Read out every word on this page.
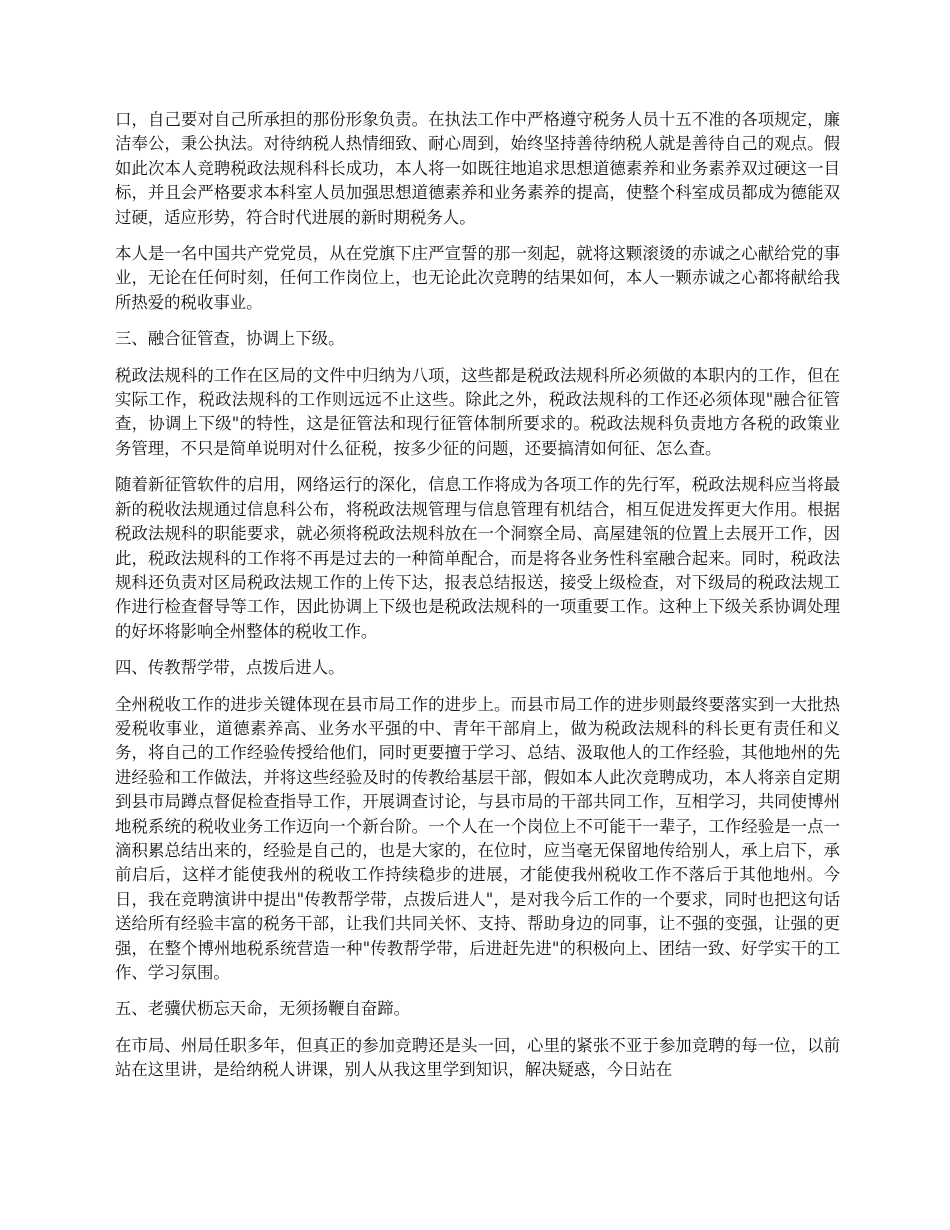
口，自己要对自己所承担的那份形象负责。在执法工作中严格遵守税务人员十五不准的各项规定，廉洁奉公，秉公执法。对待纳税人热情细致、耐心周到，始终坚持善待纳税人就是善待自己的观点。假如此次本人竞聘税政法规科科长成功，本人将一如既往地追求思想道德素养和业务素养双过硬这一目标，并且会严格要求本科室人员加强思想道德素养和业务素养的提高，使整个科室成员都成为德能双过硬，适应形势，符合时代进展的新时期税务人。

本人是一名中国共产党党员，从在党旗下庄严宣誓的那一刻起，就将这颗滚烫的赤诚之心献给党的事业，无论在任何时刻，任何工作岗位上，也无论此次竞聘的结果如何，本人一颗赤诚之心都将献给我所热爱的税收事业。

三、融合征管查，协调上下级。

税政法规科的工作在区局的文件中归纳为八项，这些都是税政法规科所必须做的本职内的工作，但在实际工作，税政法规科的工作则远远不止这些。除此之外，税政法规科的工作还必须体现"融合征管查，协调上下级"的特性，这是征管法和现行征管体制所要求的。税政法规科负责地方各税的政策业务管理，不只是简单说明对什么征税，按多少征的问题，还要搞清如何征、怎么查。

随着新征管软件的启用，网络运行的深化，信息工作将成为各项工作的先行军，税政法规科应当将最新的税收法规通过信息科公布，将税政法规管理与信息管理有机结合，相互促进发挥更大作用。根据税政法规科的职能要求，就必须将税政法规科放在一个洞察全局、高屋建瓴的位置上去展开工作，因此，税政法规科的工作将不再是过去的一种简单配合，而是将各业务性科室融合起来。同时，税政法规科还负责对区局税政法规工作的上传下达，报表总结报送，接受上级检查，对下级局的税政法规工作进行检查督导等工作，因此协调上下级也是税政法规科的一项重要工作。这种上下级关系协调处理的好坏将影响全州整体的税收工作。

四、传教帮学带，点拨后进人。

全州税收工作的进步关键体现在县市局工作的进步上。而县市局工作的进步则最终要落实到一大批热爱税收事业，道德素养高、业务水平强的中、青年干部肩上，做为税政法规科的科长更有责任和义务，将自己的工作经验传授给他们，同时更要擅于学习、总结、汲取他人的工作经验，其他地州的先进经验和工作做法，并将这些经验及时的传教给基层干部，假如本人此次竞聘成功，本人将亲自定期到县市局蹲点督促检查指导工作，开展调查讨论，与县市局的干部共同工作，互相学习，共同使博州地税系统的税收业务工作迈向一个新台阶。一个人在一个岗位上不可能干一辈子，工作经验是一点一滴积累总结出来的，经验是自己的，也是大家的，在位时，应当毫无保留地传给别人，承上启下，承前启后，这样才能使我州的税收工作持续稳步的进展，才能使我州税收工作不落后于其他地州。今日，我在竞聘演讲中提出"传教帮学带，点拨后进人"，是对我今后工作的一个要求，同时也把这句话送给所有经验丰富的税务干部，让我们共同关怀、支持、帮助身边的同事，让不强的变强，让强的更强，在整个博州地税系统营造一种"传教帮学带，后进赶先进"的积极向上、团结一致、好学实干的工作、学习氛围。

五、老骥伏枥忘天命，无须扬鞭自奋蹄。

在市局、州局任职多年，但真正的参加竞聘还是头一回，心里的紧张不亚于参加竞聘的每一位，以前站在这里讲，是给纳税人讲课，别人从我这里学到知识，解决疑惑，今日站在
